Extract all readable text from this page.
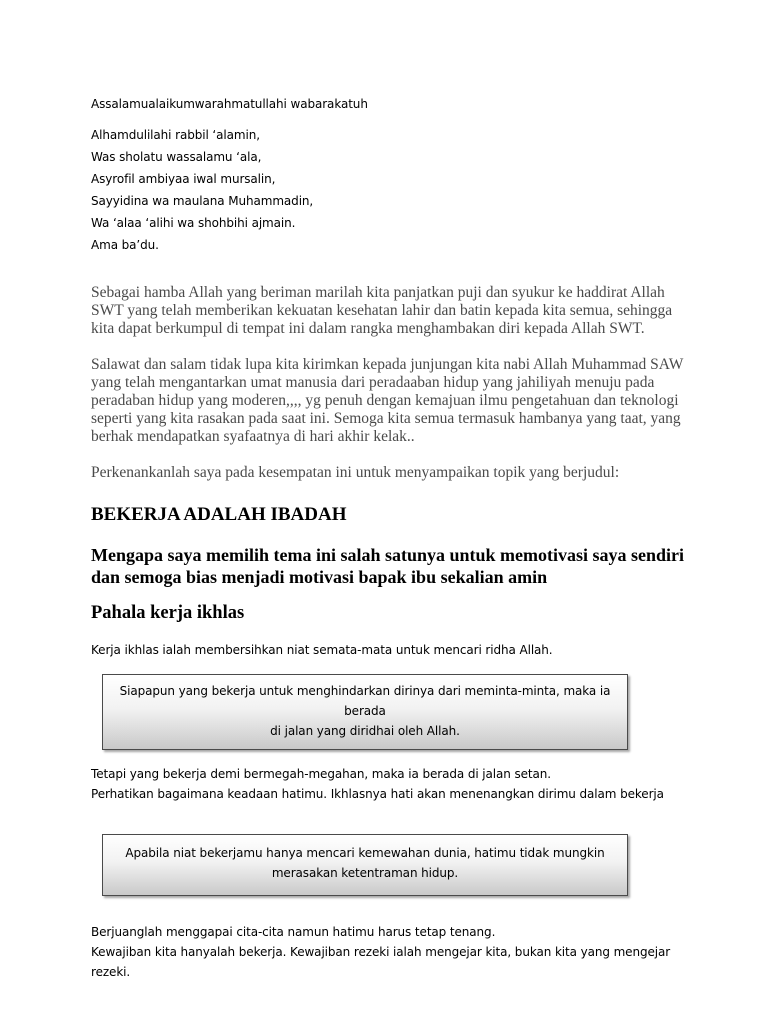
Assalamualaikumwarahmatullahi wabarakatuh

Alhamdulilahi rabbil ‘alamin,

Was sholatu wassalamu ‘ala,

Asyrofil ambiyaa iwal mursalin,

Sayyidina wa maulana Muhammadin,

Wa ‘alaa ‘alihi wa shohbihi ajmain.

Ama ba’du.

Sebagai hamba Allah yang beriman marilah kita panjatkan puji dan syukur ke haddirat Allah SWT yang telah memberikan kekuatan kesehatan lahir dan batin kepada kita semua, sehingga kita dapat berkumpul di tempat ini dalam rangka menghambakan diri kepada Allah SWT.

Salawat dan salam tidak lupa kita kirimkan kepada junjungan kita nabi Allah Muhammad SAW yang telah mengantarkan umat manusia dari peradaaban hidup yang jahiliyah menuju pada peradaban hidup yang moderen,,,, yg penuh dengan kemajuan ilmu pengetahuan dan teknologi seperti yang kita rasakan pada saat ini. Semoga kita semua termasuk hambanya yang taat, yang berhak mendapatkan syafaatnya di hari akhir kelak..

Perkenankanlah saya pada kesempatan ini untuk menyampaikan topik yang berjudul:

BEKERJA ADALAH IBADAH
Mengapa saya memilih tema ini salah satunya untuk memotivasi saya sendiri dan semoga bias menjadi motivasi bapak ibu sekalian amin
Pahala kerja ikhlas

Kerja ikhlas ialah membersihkan niat semata-mata untuk mencari ridha Allah.

Siapapun yang bekerja untuk menghindarkan dirinya dari meminta-minta, maka ia berada

di jalan yang diridhai oleh Allah.

Tetapi yang bekerja demi bermegah-megahan, maka ia berada di jalan setan.

Perhatikan bagaimana keadaan hatimu. Ikhlasnya hati akan menenangkan dirimu dalam bekerja

Apabila niat bekerjamu hanya mencari kemewahan dunia, hatimu tidak mungkin

merasakan ketentraman hidup.

Berjuanglah menggapai cita-cita namun hatimu harus tetap tenang.

Kewajiban kita hanyalah bekerja. Kewajiban rezeki ialah mengejar kita, bukan kita yang mengejar rezeki.
